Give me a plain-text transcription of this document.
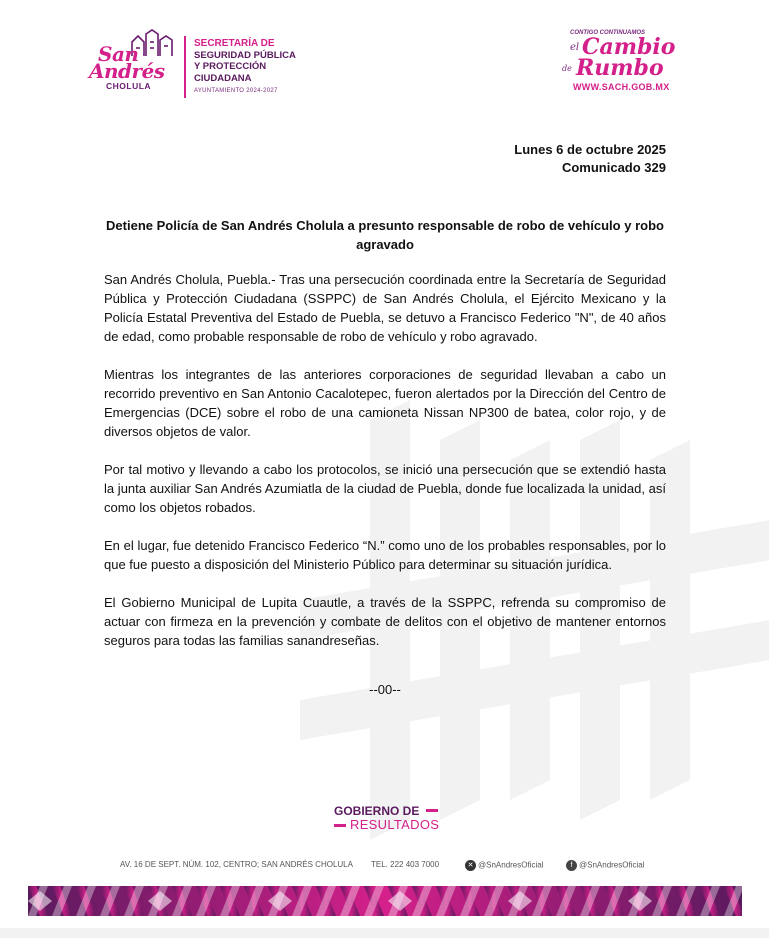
San
Andrés
CHOLULA
SECRETARÍA DE
SEGURIDAD PÚBLICA
Y PROTECCIÓN
CIUDADANA
AYUNTAMIENTO 2024-2027
CONTIGO CONTINUAMOS
el Cambio
de Rumbo
WWW.SACH.GOB.MX
Lunes 6 de octubre 2025
Comunicado 329
Detiene Policía de San Andrés Cholula a presunto responsable de robo de vehículo y robo agravado

San Andrés Cholula, Puebla.- Tras una persecución coordinada entre la Secretaría de Seguridad Pública y Protección Ciudadana (SSPPC) de San Andrés Cholula, el Ejército Mexicano y la Policía Estatal Preventiva del Estado de Puebla, se detuvo a Francisco Federico "N", de 40 años de edad, como probable responsable de robo de vehículo y robo agravado.

Mientras los integrantes de las anteriores corporaciones de seguridad llevaban a cabo un recorrido preventivo en San Antonio Cacalotepec, fueron alertados por la Dirección del Centro de Emergencias (DCE) sobre el robo de una camioneta Nissan NP300 de batea, color rojo, y de diversos objetos de valor.

Por tal motivo y llevando a cabo los protocolos, se inició una persecución que se extendió hasta la junta auxiliar San Andrés Azumiatla de la ciudad de Puebla, donde fue localizada la unidad, así como los objetos robados.

En el lugar, fue detenido Francisco Federico “N.” como uno de los probables responsables, por lo que fue puesto a disposición del Ministerio Público para determinar su situación jurídica.

El Gobierno Municipal de Lupita Cuautle, a través de la SSPPC, refrenda su compromiso de actuar con firmeza en la prevención y combate de delitos con el objetivo de mantener entornos seguros para todas las familias sanandreseñas.

--00--
GOBIERNO DE
RESULTADOS
AV. 16 DE SEPT. NÚM. 102, CENTRO; SAN ANDRÉS CHOLULA TEL. 222 403 7000	✕ @SnAndresOficial	f @SnAndresOficial
